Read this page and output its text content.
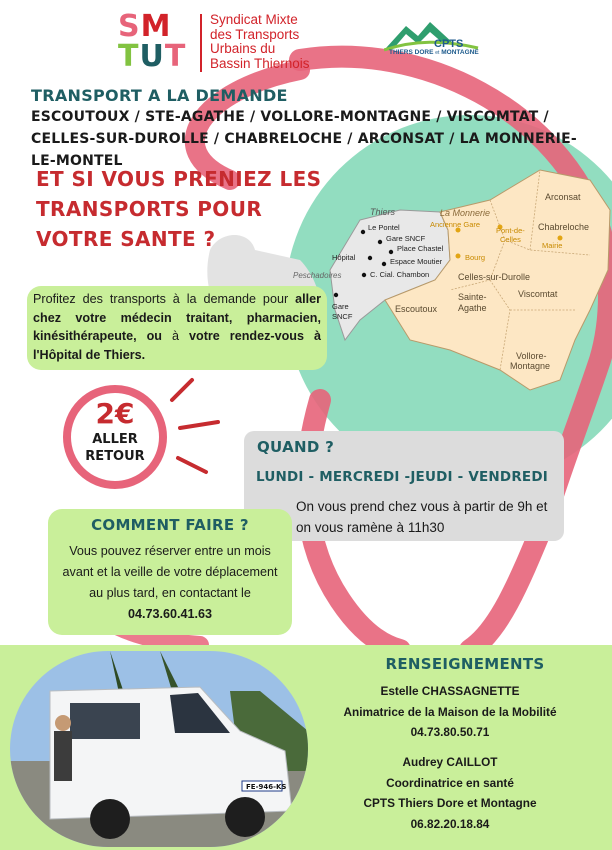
SM
TUT
Syndicat Mixte
des Transports
Urbains du
Bassin Thiernois
CPTS
THIERS DORE et MONTAGNE
TRANSPORT A LA DEMANDE
ESCOUTOUX / STE-AGATHE / VOLLORE-MONTAGNE / VISCOMTAT / CELLES-SUR-DUROLLE / CHABRELOCHE / ARCONSAT / LA MONNERIE-LE-MONTEL
ET SI VOUS PRENIEZ LES
TRANSPORTS POUR
VOTRE SANTE ?
La Monnerie
Arconsat
Chabreloche
Celles-sur-Durolle
Escoutoux
Sainte-
Agathe
Viscomtat
Vollore-
Montagne
Ancienne Gare
Pont-de-
Celles
Bourg
Mairie
Thiers
Peschadoires
Le Pontel
Gare SNCF
Place Chastel
Espace Moutier
C. Cial. Chambon
Hôpital
Gare
SNCF
Profitez des transports à la demande pour aller chez votre médecin traitant, pharmacien, kinésithérapeute, ou à votre rendez-vous à l'Hôpital de Thiers.
2€
ALLER
RETOUR
QUAND ?
LUNDI - MERCREDI -JEUDI - VENDREDI
On vous prend chez vous à partir de 9h et on vous ramène à 11h30
COMMENT FAIRE ?
Vous pouvez réserver entre un mois avant et la veille de votre déplacement au plus tard, en contactant le 04.73.60.41.63
FE-946-KS
RENSEIGNEMENTS
Estelle CHASSAGNETTE
Animatrice de la Maison de la Mobilité
04.73.80.50.71
Audrey CAILLOT
Coordinatrice en santé
CPTS Thiers Dore et Montagne
06.82.20.18.84
